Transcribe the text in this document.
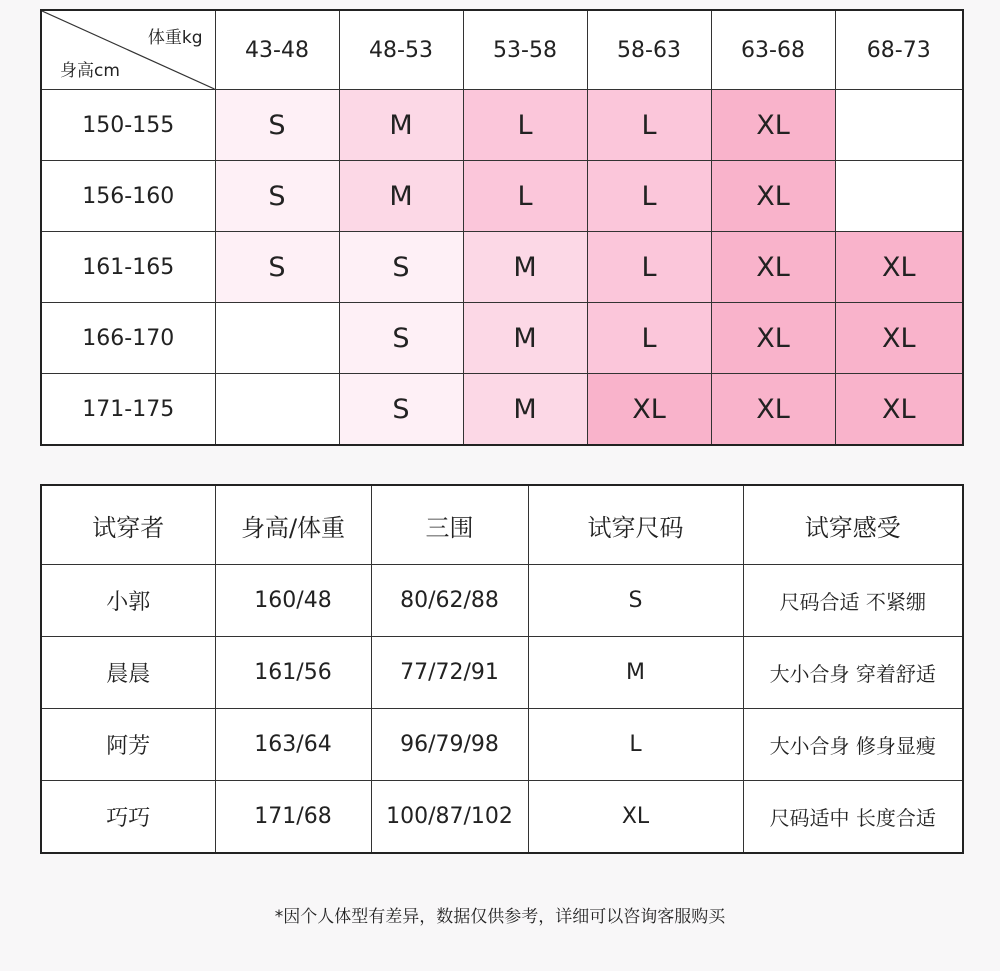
体重kg
身高cm	43-48	48-53	53-58	58-63	63-68	68-73
150-155	S	M	L	L	XL	
156-160	S	M	L	L	XL	
161-165	S	S	M	L	XL	XL
166-170		S	M	L	XL	XL
171-175		S	M	XL	XL	XL
试穿者	身高/体重	三围	试穿尺码	试穿感受
小郭	160/48	80/62/88	S	尺码合适 不紧绷
晨晨	161/56	77/72/91	M	大小合身 穿着舒适
阿芳	163/64	96/79/98	L	大小合身 修身显瘦
巧巧	171/68	100/87/102	XL	尺码适中 长度合适
*因个人体型有差异，数据仅供参考，详细可以咨询客服购买
